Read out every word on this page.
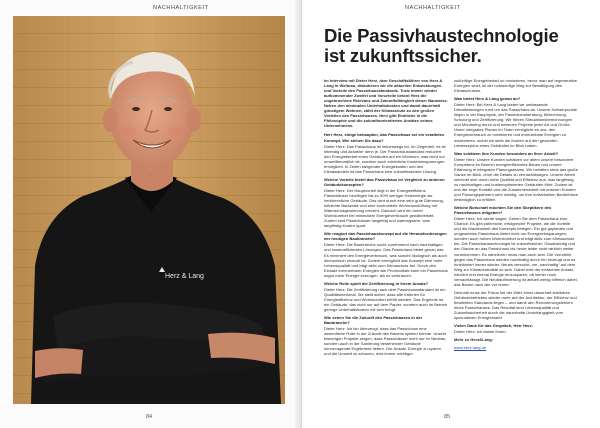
NACHHALTIGKEIT
Herz & Lang
84
NACHHALTIGKEIT
Die Passivhaustechnologie
ist zukunftssicher.

Im Interview mit Dieter Herz, dem Geschäftsführer von Herz & Lang in Weitnau, diskutieren wir die aktuellen Entwicklungen und Vorteile des Passivhausstandards. Trotz immer wieder aufkommender Zweifel und Vorurteile betont Herz die ungebrochene Relevanz und Zukunftsfähigkeit dieser Bauweise. Neben den minimalen Unterhaltskosten und damit dauerhaft günstigem Wohnen, zählt der Klimaschutz zu den großen Vorteilen des Passivhauses. Herz gibt Einblicke in die Philosophie und die zukunftsorientierten Ansätze seines Unternehmens.

Herr Herz, einige behaupten, das Passivhaus sei ein veraltetes Konzept. Wie stehen Sie dazu?

Dieter Herz: Das Passivhaus ist keineswegs tot. Im Gegenteil, es ist lebendig und aktueller denn je. Der Passivhausstandard reduziert den Energiebedarf eines Gebäudes auf ein Minimum, was nicht nur umweltfreundlich ist, sondern auch erhebliche Kosteneinsparungen ermöglicht. In Zeiten steigender Energiekosten und des Klimawandels ist das Passivhaus eine zukunftssichere Lösung.

Welche Vorteile bietet das Passivhaus im Vergleich zu anderen Gebäudekonzepten?

Dieter Herz: Der Hauptvorteil liegt in der Energieeffizienz. Passivhäuser benötigen bis zu 90% weniger Heizenergie als herkömmliche Gebäude. Das wird durch eine sehr gute Dämmung, luftdichte Bauweise und eine kontrollierte Wohnraumlüftung mit Wärmerückgewinnung erreicht. Dadurch wird ein hoher Wohnkomfort bei minimalem Energieverbrauch gewährleistet. Zudem sind Passivhäuser langlebig und wartungsarm, was langfristig Kosten spart.

Wie reagiert das Passivhauskonzept auf die Herausforderungen der heutigen Baubranche?

Dieter Herz: Die Baubranche sucht zunehmend nach nachhaltigen und kosteneffizienten Lösungen. Das Passivhaus bietet genau das. Es minimiert den Energieverbrauch, was sowohl ökologisch als auch ökonomisch sinnvoll ist. Zudem ermöglicht das Konzept eine hohe Lebensqualität und trägt aktiv zum Klimaschutz bei. Durch den Einsatz erneuerbarer Energien wie Photovoltaik kann ein Passivhaus sogar mehr Energie erzeugen, als es verbraucht.

Welche Rolle spielt die Zertifizierung in Ihrem Ansatz?

Dieter Herz: Die Zertifizierung nach dem Passivhausstandard ist ein Qualitätsmerkmal. Sie stellt sicher, dass alle Kriterien für Energieeffizienz und Wohnkomfort erfüllt werden. Das Ergebnis ist ein Gebäude, das nicht nur auf dem Papier, sondern auch im Betrieb geringe Unterhaltskosten mit sich bringt.

Wie sehen Sie die Zukunft des Passivhauses in der Baubranche?

Dieter Herz: Ich bin überzeugt, dass das Passivhaus eine wesentliche Rolle in der Zukunft des Bauens spielen könnte. Unsere bisherigen Projekte zeigen, dass Passivhäuser nicht nur im Neubau, sondern auch in der Sanierung bestehender Gebäude hervorragende Ergebnisse liefern. Der Ansatz, Energie zu sparen und die Umwelt zu schonen, wird immer wichtiger.

zukünftige Energiebedarf so minimieren, bevor man auf regenerative Energien setzt, ist der notwendige Weg zur Bewältigung des Klimaschutzes.

Was bietet Herz & Lang genau an?

Dieter Herz: Bei Herz & Lang bieten wir umfassende Dienstleistungen rund um das Passivhaus an. Unsere Schwerpunkte liegen in der Bauphysik, der Passivhausberatung, Berechnung, Schulung und Zertifizierung. Wir führen Simulationsberechnungen und Monitoring durch und betreuen Projekte jeder Art und Größe. Unser integrales Planen im Team ermöglicht es uns, den Energieverbrauch zu minimieren und erneuerbare Energien zu maximieren, wobei wir stets die Kosten auf den gesamten Lebenszyklus eines Gebäudes im Blick haben.

Was schätzen Ihre Kunden besonders an Ihrer Arbeit?

Dieter Herz: Unsere Kunden schätzen vor allem unsere besondere Kompetenz im Bereich energieeffizientes Bauen und unsere Erfahrung in integralen Planungsteams. Wir behalten stets das große Ganze im Blick, ohne die Details zu vernachlässigen. Unsere Arbeit zeichnet sich durch hohe Qualität und Effizienz aus, was langfristig zu nachhaltigen und kostenoptimierten Gebäuden führt. Zudem ist uns der enge Kontakt und die Zusammenarbeit mit unseren Kunden und Planungspartnern sehr wichtig, um ihre individuellen Bedürfnisse bestmöglich zu erfüllen.

Welche Botschaft möchten Sie den Skeptikern des Passivhauses mitgeben?

Dieter Herz: Ich würde sagen: Geben Sie dem Passivhaus eine Chance. Es gibt zahlreiche, erfolgreiche Projekte, die die Vorteile und die Machbarkeit des Konzepts belegen. Ein gut geplantes und umgesetztes Passivhaus bietet nicht nur Energieeinsparungen, sondern auch hohen Wohnkomfort und trägt aktiv zum Klimaschutz bei. Die Passivhaustechnologie ist zukunftssicher, Glaubwürdig und der Glaube an das Passivhaus bis heute leider nicht wirklich weiter vorankommen. Es nahelenen muss man auch sein. Die Vorurteile gegen das Passivhaus werden nachhaltig durch ihn bezeugt und es funktioniert immer wieder. Neues versucht, um „nachhaltig“ auf dem Weg zur Klimaneutralität zu sein. Dabei wird der einfachste Ansatz, nämlich erst einmal Energie einzusparen, oft immer noch vernachlässigt. Die Neubauförderung ist aktuell wenig hilfreich dabei, das Bauen nach wie vor teurer.

Deshalb muss der Fokus bei der Wahl eines dauerhaft leistbaren Gebäudebetriebes wieder mehr auf der Architektur, der Effizienz und bewährten Standards liegen – und damit den Renovierungsfehlern eines Passivhauses. Das Resultat sind Lebensqualität und Zukunftssicherheit durch die dauerhafte Unabhängigkeit vom spekulativen Energiemarkt.

Vielen Dank für das Gespräch, Herr Herz.

Dieter Herz: Ich danke Ihnen.

Mehr zu Herz&Lang:

www.herz-lang.de

85
